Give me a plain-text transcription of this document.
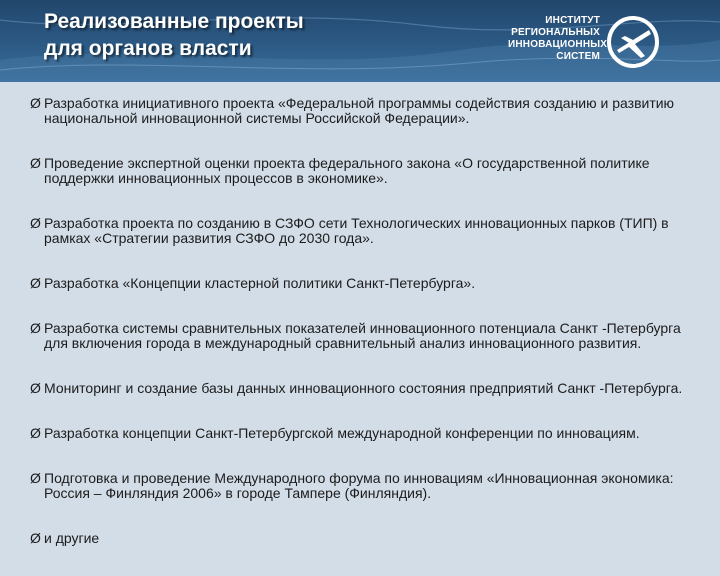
Реализованные проекты
для органов власти
ИНСТИТУТ
РЕГИОНАЛЬНЫХ
ИННОВАЦИОННЫХ
СИСТЕМ
Ø Разработка инициативного проекта «Федеральной программы содействия созданию и развитию национальной инновационной системы Российской Федерации».
Ø Проведение экспертной оценки проекта федерального закона «О государственной политике поддержки инновационных процессов в экономике».
Ø Разработка проекта по созданию в СЗФО сети Технологических инновационных парков (ТИП) в рамках «Стратегии развития СЗФО до 2030 года».
Ø Разработка «Концепции кластерной политики Санкт-Петербурга».
Ø Разработка системы сравнительных показателей инновационного потенциала Санкт -Петербурга для включения города в международный сравнительный анализ инновационного развития.
Ø Мониторинг и создание базы данных инновационного состояния предприятий Санкт -Петербурга.
Ø Разработка концепции Санкт-Петербургской международной конференции по инновациям.
Ø Подготовка и проведение Международного форума по инновациям «Инновационная экономика: Россия – Финляндия 2006» в городе Тампере (Финляндия).
Ø и другие
